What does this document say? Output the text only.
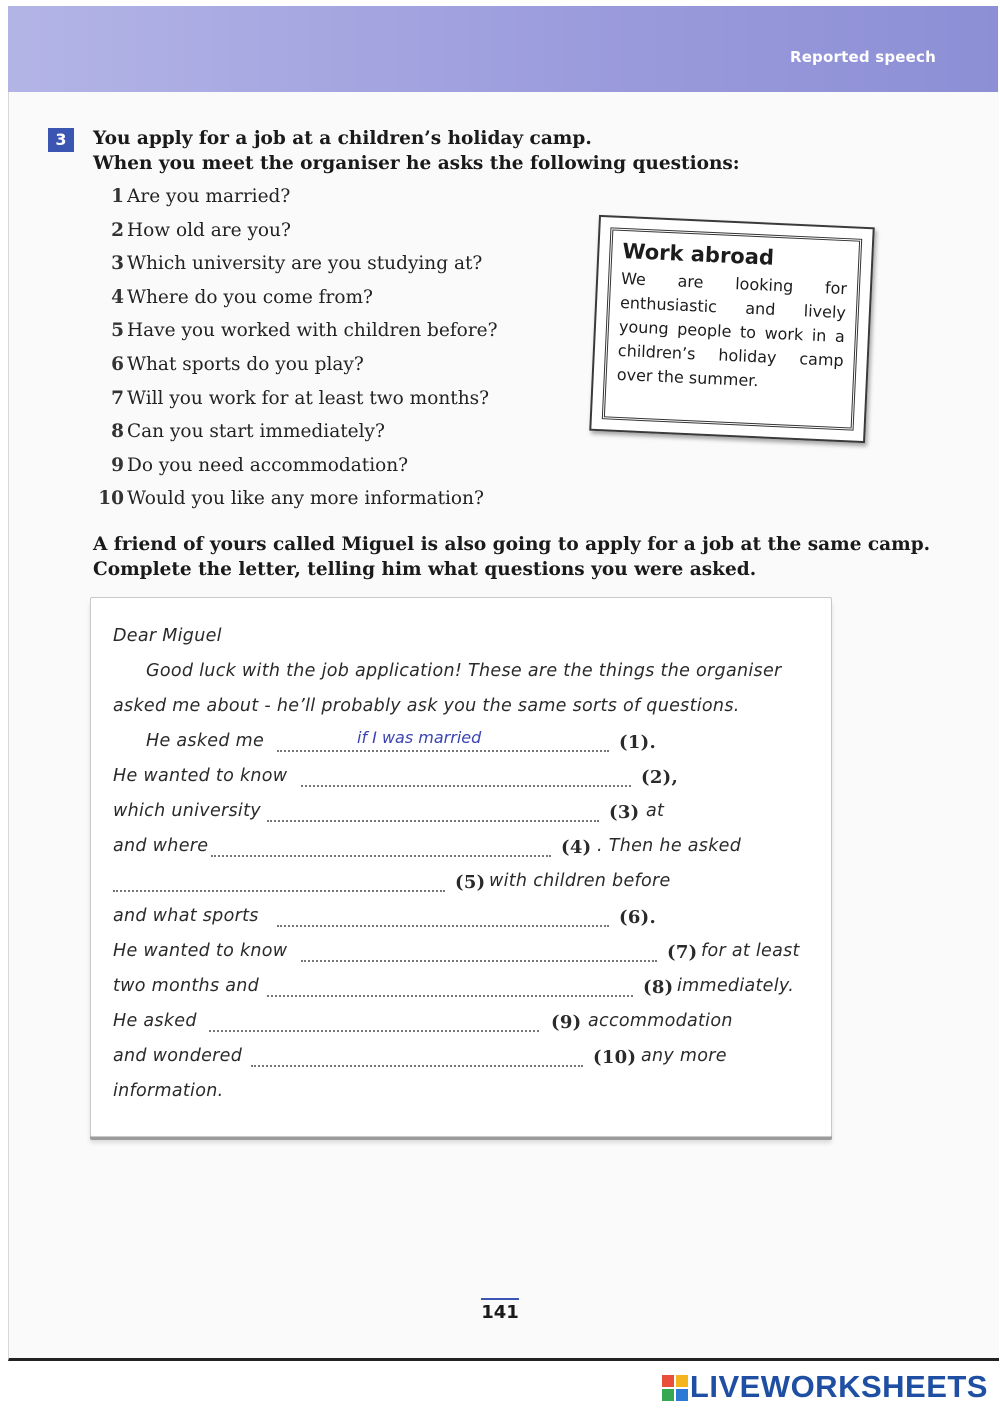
Reported speech
3	You apply for a job at a children’s holiday camp.
When you meet the organiser he asks the following questions:
1 Are you married?
2 How old are you?
3 Which university are you studying at?
4 Where do you come from?
5 Have you worked with children before?
6 What sports do you play?
7 Will you work for at least two months?
8 Can you start immediately?
9 Do you need accommodation?
10 Would you like any more information?
Work abroad
We are looking for enthusiastic and lively young people to work in a children’s holiday camp over the summer.
A friend of yours called Miguel is also going to apply for a job at the same camp.
Complete the letter, telling him what questions you were asked.
Dear Miguel
Good luck with the job application! These are the things the organiser
asked me about - he’ll probably ask you the same sorts of questions.
He asked me	if I was married	(1).
He wanted to know	(2),
which university	(3) at
and where	(4) . Then he asked
(5) with children before
and what sports	(6).
He wanted to know	(7) for at least
two months and	(8) immediately.
He asked	(9) accommodation
and wondered	(10) any more
information.
141
LIVEWORKSHEETS
